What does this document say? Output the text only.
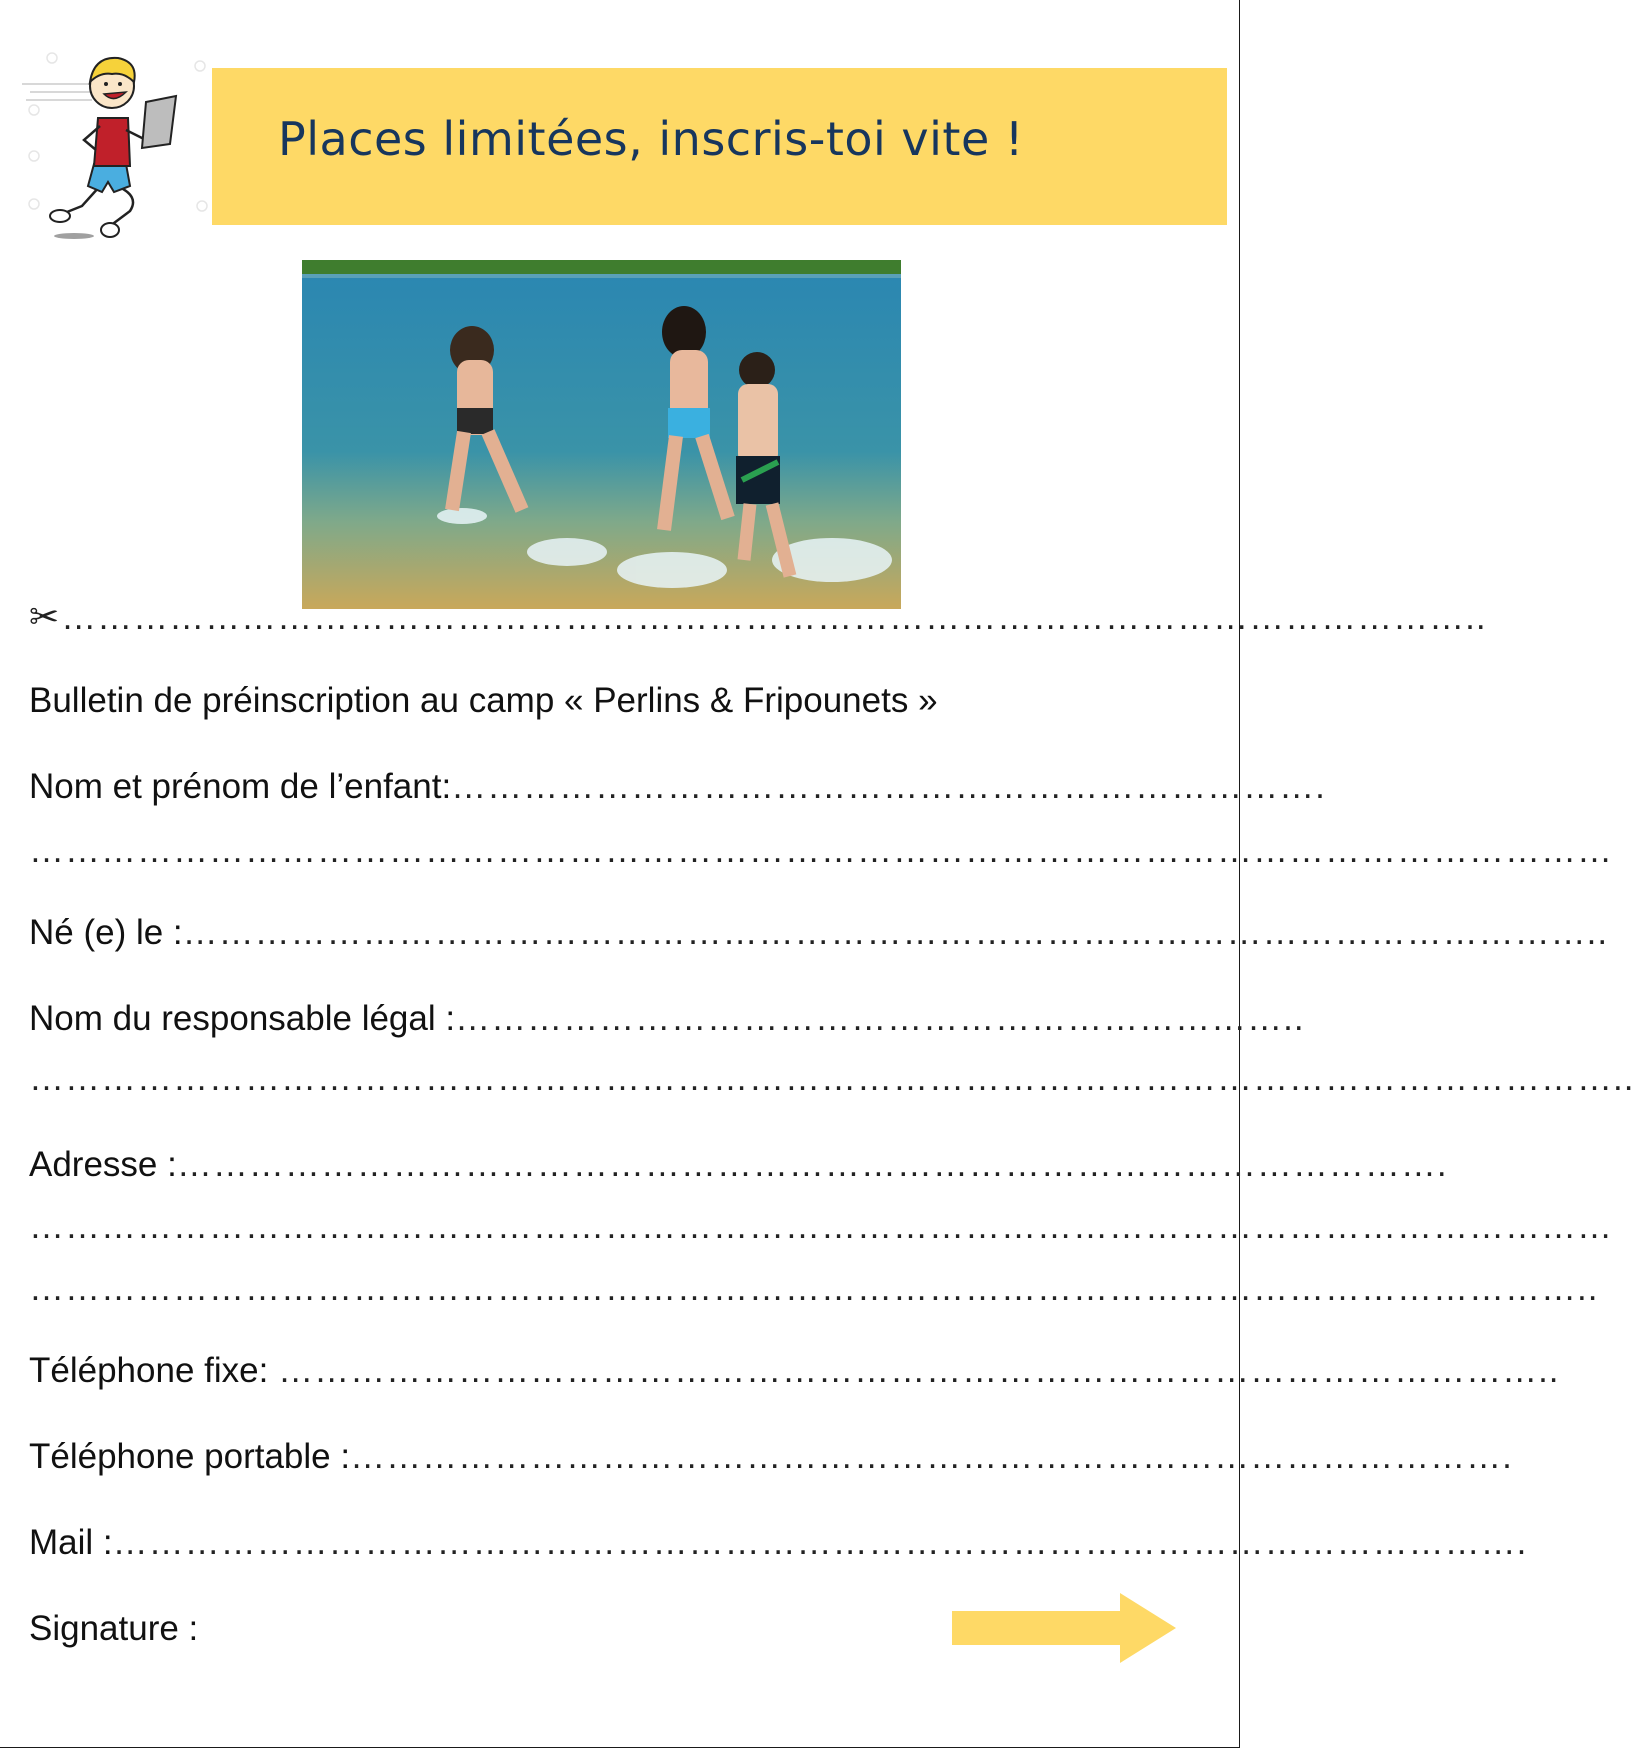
Places limitées, inscris-toi vite !
✂………………………………………………………………………………………………………..
Bulletin de préinscription au camp « Perlins & Fripounets »
Nom et prénom de l’enfant:……………………………………………………………….
……………………………………………………………………………………………………………………
Né (e) le :………………………………………………………………………………………………………..
Nom du responsable légal :……………………………………………………………..
……………………………………………………………………………………………………………………..
Adresse :…………………………………………………………………………………………….
……………………………………………………………………………………………………………………
…………………………………………………………………………………………………………………..
Téléphone fixe: ……………………………………………………………………………………………..
Téléphone portable :…………………………………………………………………………………….
Mail :……………………………………………………………………………………………………….
Signature :
